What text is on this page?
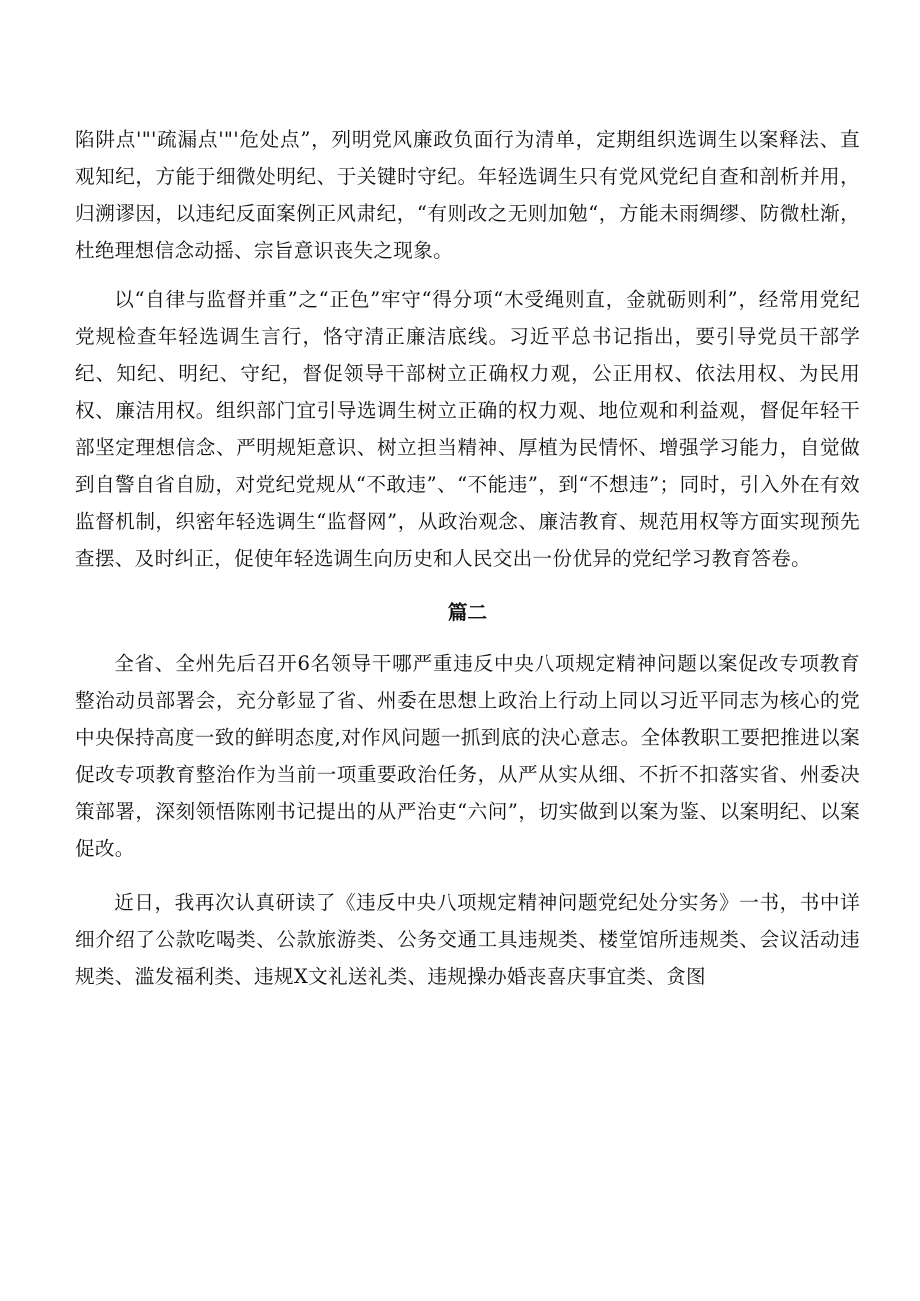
陷阱点'"'疏漏点'"'危处点”，列明党风廉政负面行为清单，定期组织选调生以案释法、直观知纪，方能于细微处明纪、于关键时守纪。年轻选调生只有党风党纪自查和剖析并用，归溯谬因，以违纪反面案例正风肃纪，“有则改之无则加勉“，方能未雨绸缪、防微杜渐，杜绝理想信念动摇、宗旨意识丧失之现象。

以“自律与监督并重”之“正色”牢守“得分项“木受绳则直，金就砺则利”，经常用党纪党规检查年轻选调生言行，恪守清正廉洁底线。习近平总书记指出，要引导党员干部学纪、知纪、明纪、守纪，督促领导干部树立正确权力观，公正用权、依法用权、为民用权、廉洁用权。组织部门宜引导选调生树立正确的权力观、地位观和利益观，督促年轻干部坚定理想信念、严明规矩意识、树立担当精神、厚植为民情怀、增强学习能力，自觉做到自警自省自励，对党纪党规从“不敢违”、“不能违”，到“不想违”；同时，引入外在有效监督机制，织密年轻选调生“监督网”，从政治观念、廉洁教育、规范用权等方面实现预先查摆、及时纠正，促使年轻选调生向历史和人民交出一份优异的党纪学习教育答卷。

篇二

全省、全州先后召开6名领导干哪严重违反中央八项规定精神问题以案促改专项教育整治动员部署会，充分彰显了省、州委在思想上政治上行动上同以习近平同志为核心的党中央保持高度一致的鲜明态度,对作风问题一抓到底的決心意志。全体教职工要把推进以案促改专项教育整治作为当前一项重要政治任务，从严从实从细、不折不扣落实省、州委决策部署，深刻领悟陈刚书记提出的从严治吏“六问”，切实做到以案为鉴、以案明纪、以案促改。

近日，我再次认真研读了《违反中央八项规定精神问题党纪处分实务》一书，书中详细介绍了公款吃喝类、公款旅游类、公务交通工具违规类、楼堂馆所违规类、会议活动违规类、滥发福利类、违规X文礼送礼类、违规操办婚丧喜庆事宜类、贪图
